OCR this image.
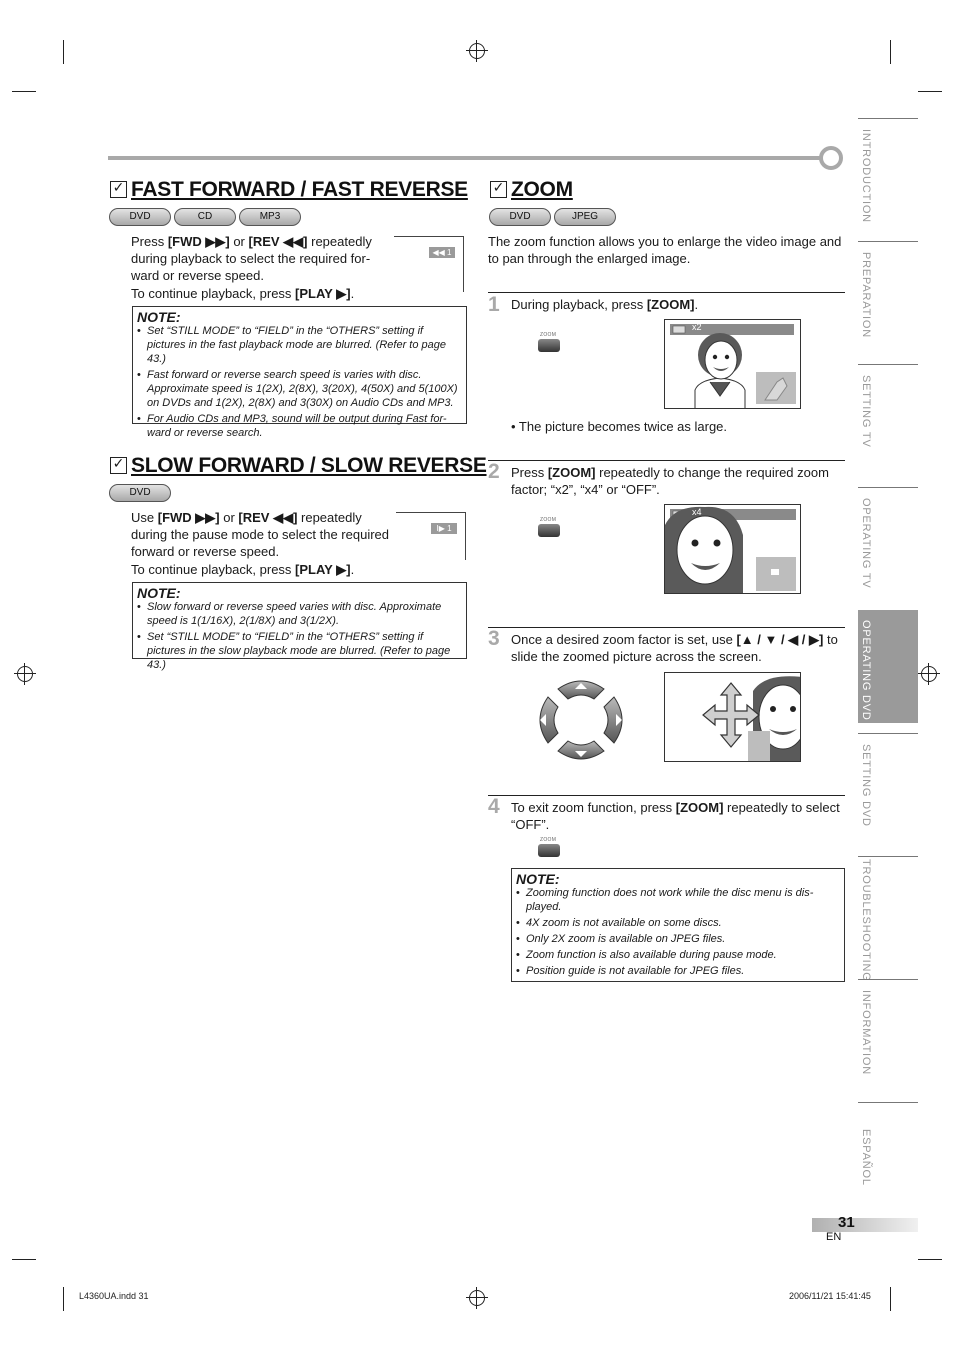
✓ FAST FORWARD / FAST REVERSE
DVD	CD	MP3
Press [FWD ▶▶] or [REV ◀◀] repeatedly during playback to select the required for-ward or reverse speed.
To continue playback, press [PLAY ▶].
◀◀ 1
NOTE:
• Set “STILL MODE” to “FIELD” in the “OTHERS” setting if pictures in the fast playback mode are blurred. (Refer to page 43.)
• Fast forward or reverse search speed is varies with disc. Approximate speed is 1(2X), 2(8X), 3(20X), 4(50X) and 5(100X) on DVDs and 1(2X), 2(8X) and 3(30X) on Audio CDs and MP3.
• For Audio CDs and MP3, sound will be output during Fast for-ward or reverse search.
✓ SLOW FORWARD / SLOW REVERSE
DVD
Use [FWD ▶▶] or [REV ◀◀] repeatedly during the pause mode to select the required forward or reverse speed.
To continue playback, press [PLAY ▶].
I▶ 1
NOTE:
• Slow forward or reverse speed varies with disc. Approximate speed is 1(1/16X), 2(1/8X) and 3(1/2X).
• Set “STILL MODE” to “FIELD” in the “OTHERS” setting if pictures in the slow playback mode are blurred. (Refer to page 43.)
✓ ZOOM
DVD	JPEG
The zoom function allows you to enlarge the video image and to pan through the enlarged image.
1 During playback, press [ZOOM].
ZOOM
• The picture becomes twice as large.
x2
2 Press [ZOOM] repeatedly to change the required zoom factor; “x2”, “x4” or “OFF”.
ZOOM
x4
3 Once a desired zoom factor is set, use [▲ / ▼ / ◀ / ▶] to slide the zoomed picture across the screen.
4 To exit zoom function, press [ZOOM] repeatedly to select “OFF”.
ZOOM
NOTE:
• Zooming function does not work while the disc menu is dis-played.
• 4X zoom is not available on some discs.
• Only 2X zoom is available on JPEG files.
• Zoom function is also available during pause mode.
• Position guide is not available for JPEG files.
INTRODUCTION
PREPARATION
SETTING TV
OPERATING TV
OPERATING DVD
SETTING DVD
TROUBLESHOOTING
INFORMATION
ESPAÑOL
31
EN
L4360UA.indd 31	2006/11/21 15:41:45
